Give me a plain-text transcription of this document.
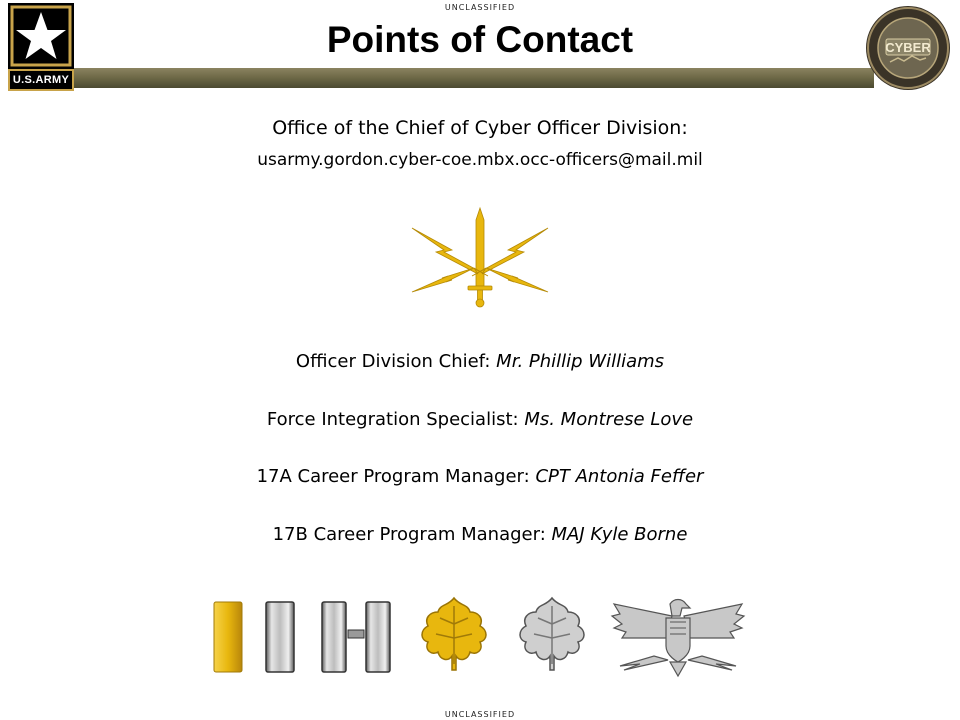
UNCLASSIFIED
U.S.ARMY
Points of Contact	CYBER
Office of the Chief of Cyber Officer Division:
usarmy.gordon.cyber-coe.mbx.occ-officers@mail.mil
Officer Division Chief: Mr. Phillip Williams
Force Integration Specialist: Ms. Montrese Love
17A Career Program Manager: CPT Antonia Feffer
17B Career Program Manager: MAJ Kyle Borne
UNCLASSIFIED
